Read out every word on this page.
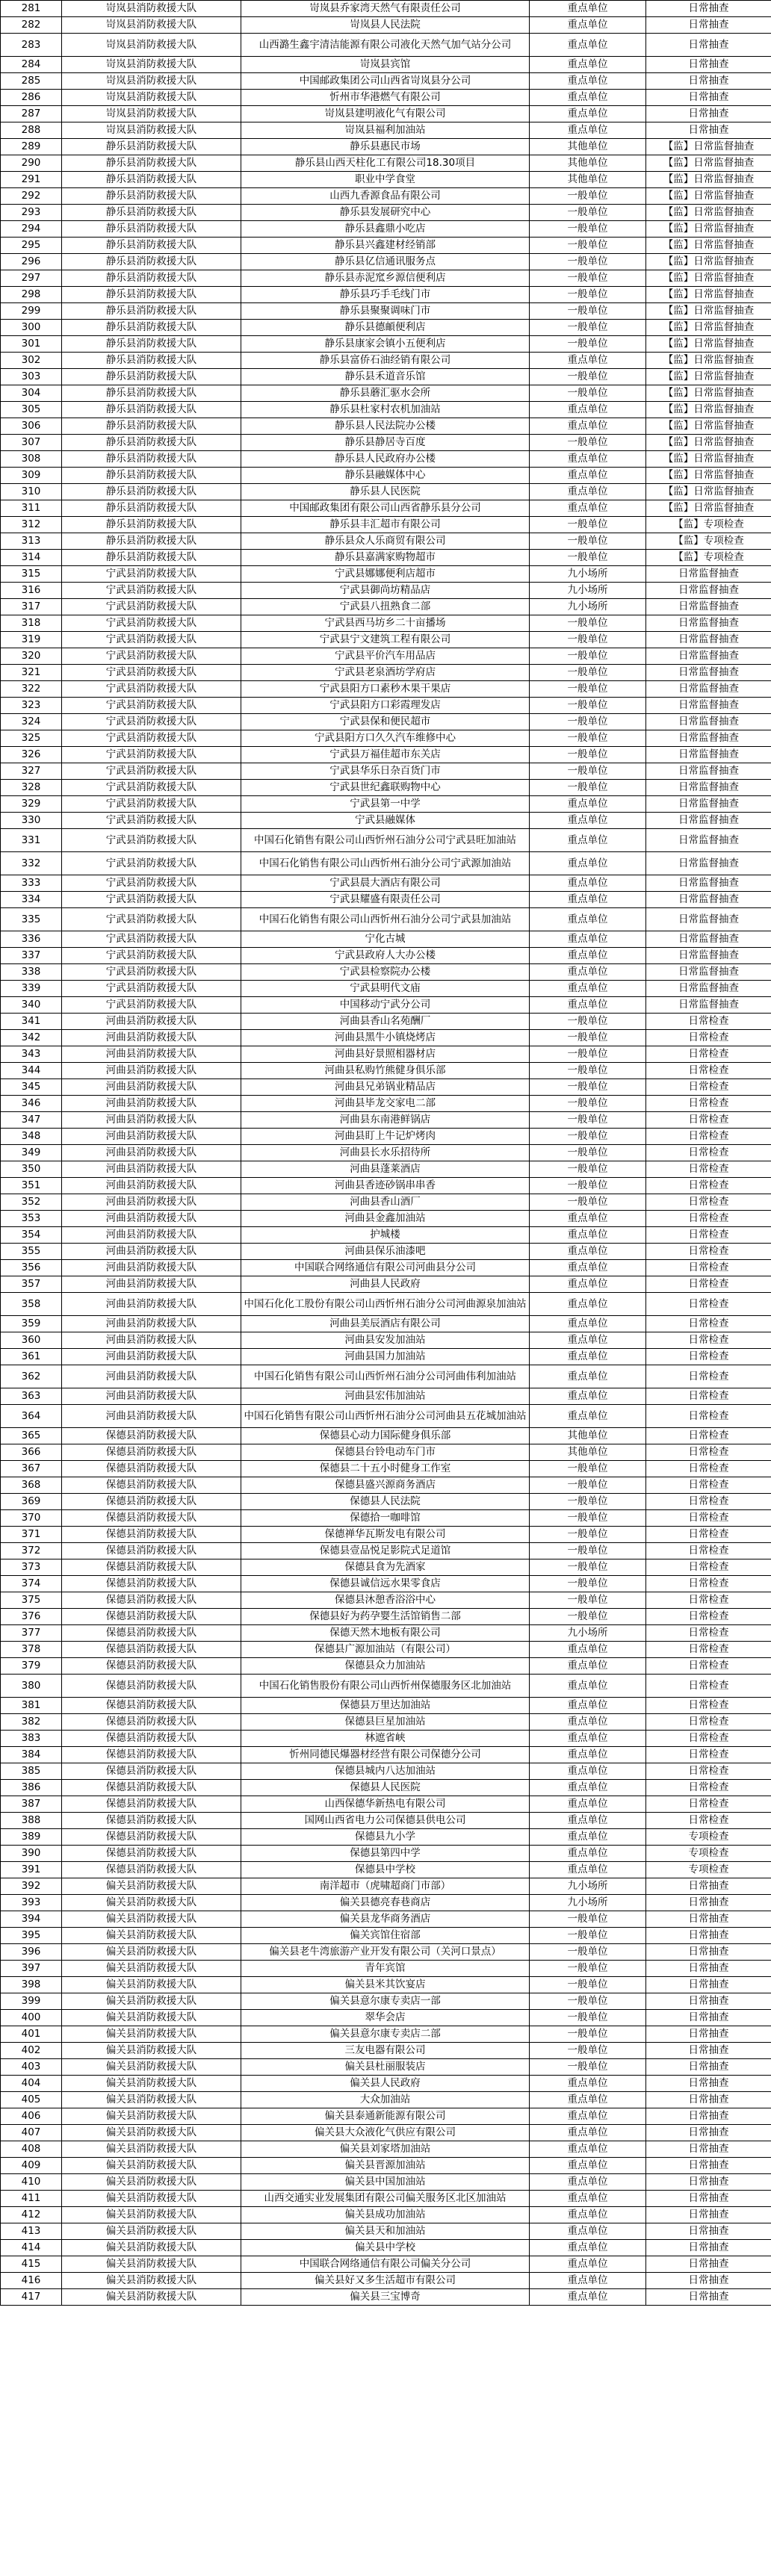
281	岢岚县消防救援大队	岢岚县乔家湾天然气有限责任公司	重点单位	日常抽查
282	岢岚县消防救援大队	岢岚县人民法院	重点单位	日常抽查
283	岢岚县消防救援大队	山西潞生鑫宇清洁能源有限公司液化天然气加气站分公司	重点单位	日常抽查
284	岢岚县消防救援大队	岢岚县宾馆	重点单位	日常抽查
285	岢岚县消防救援大队	中国邮政集团公司山西省岢岚县分公司	重点单位	日常抽查
286	岢岚县消防救援大队	忻州市华港燃气有限公司	重点单位	日常抽查
287	岢岚县消防救援大队	岢岚县建明液化气有限公司	重点单位	日常抽查
288	岢岚县消防救援大队	岢岚县福利加油站	重点单位	日常抽查
289	静乐县消防救援大队	静乐县惠民市场	其他单位	【监】日常监督抽查
290	静乐县消防救援大队	静乐县山西天柱化工有限公司18.30项目	其他单位	【监】日常监督抽查
291	静乐县消防救援大队	职业中学食堂	其他单位	【监】日常监督抽查
292	静乐县消防救援大队	山西九香源食品有限公司	一般单位	【监】日常监督抽查
293	静乐县消防救援大队	静乐县发展研究中心	一般单位	【监】日常监督抽查
294	静乐县消防救援大队	静乐县鑫鼎小吃店	一般单位	【监】日常监督抽查
295	静乐县消防救援大队	静乐县兴鑫建材经销部	一般单位	【监】日常监督抽查
296	静乐县消防救援大队	静乐县亿信通讯服务点	一般单位	【监】日常监督抽查
297	静乐县消防救援大队	静乐县赤泥窊乡源信便利店	一般单位	【监】日常监督抽查
298	静乐县消防救援大队	静乐县巧手毛线门市	一般单位	【监】日常监督抽查
299	静乐县消防救援大队	静乐县聚聚调味门市	一般单位	【监】日常监督抽查
300	静乐县消防救援大队	静乐县德頔便利店	一般单位	【监】日常监督抽查
301	静乐县消防救援大队	静乐县康家会镇小五便利店	一般单位	【监】日常监督抽查
302	静乐县消防救援大队	静乐县富侨石油经销有限公司	重点单位	【监】日常监督抽查
303	静乐县消防救援大队	静乐县禾道音乐馆	一般单位	【监】日常监督抽查
304	静乐县消防救援大队	静乐县蘑汇驱水会所	一般单位	【监】日常监督抽查
305	静乐县消防救援大队	静乐县杜家村农机加油站	重点单位	【监】日常监督抽查
306	静乐县消防救援大队	静乐县人民法院办公楼	重点单位	【监】日常监督抽查
307	静乐县消防救援大队	静乐县静居寺百度	一般单位	【监】日常监督抽查
308	静乐县消防救援大队	静乐县人民政府办公楼	重点单位	【监】日常监督抽查
309	静乐县消防救援大队	静乐县融媒体中心	重点单位	【监】日常监督抽查
310	静乐县消防救援大队	静乐县人民医院	重点单位	【监】日常监督抽查
311	静乐县消防救援大队	中国邮政集团有限公司山西省静乐县分公司	重点单位	【监】日常监督抽查
312	静乐县消防救援大队	静乐县丰汇超市有限公司	一般单位	【监】专项检查
313	静乐县消防救援大队	静乐县众人乐商贸有限公司	一般单位	【监】专项检查
314	静乐县消防救援大队	静乐县嘉满家购物超市	一般单位	【监】专项检查
315	宁武县消防救援大队	宁武县娜娜便利店超市	九小场所	日常监督抽查
316	宁武县消防救援大队	宁武县御尚坊精品店	九小场所	日常监督抽查
317	宁武县消防救援大队	宁武县八扭熟食二部	九小场所	日常监督抽查
318	宁武县消防救援大队	宁武县西马坊乡二十亩播场	一般单位	日常监督抽查
319	宁武县消防救援大队	宁武县宁文建筑工程有限公司	一般单位	日常监督抽查
320	宁武县消防救援大队	宁武县平价汽车用品店	一般单位	日常监督抽查
321	宁武县消防救援大队	宁武县老泉酒坊学府店	一般单位	日常监督抽查
322	宁武县消防救援大队	宁武县阳方口素秒木果干果店	一般单位	日常监督抽查
323	宁武县消防救援大队	宁武县阳方口彩霞理发店	一般单位	日常监督抽查
324	宁武县消防救援大队	宁武县保和便民超市	一般单位	日常监督抽查
325	宁武县消防救援大队	宁武县阳方口久久汽车维修中心	一般单位	日常监督抽查
326	宁武县消防救援大队	宁武县万福佳超市东关店	一般单位	日常监督抽查
327	宁武县消防救援大队	宁武县华乐日杂百货门市	一般单位	日常监督抽查
328	宁武县消防救援大队	宁武县世纪鑫联购物中心	一般单位	日常监督抽查
329	宁武县消防救援大队	宁武县第一中学	重点单位	日常监督抽查
330	宁武县消防救援大队	宁武县融媒体	重点单位	日常监督抽查
331	宁武县消防救援大队	中国石化销售有限公司山西忻州石油分公司宁武县旺加油站	重点单位	日常监督抽查
332	宁武县消防救援大队	中国石化销售有限公司山西忻州石油分公司宁武源加油站	重点单位	日常监督抽查
333	宁武县消防救援大队	宁武县晨大酒店有限公司	重点单位	日常监督抽查
334	宁武县消防救援大队	宁武县耀盛有限责任公司	重点单位	日常监督抽查
335	宁武县消防救援大队	中国石化销售有限公司山西忻州石油分公司宁武县加油站	重点单位	日常监督抽查
336	宁武县消防救援大队	宁化古城	重点单位	日常监督抽查
337	宁武县消防救援大队	宁武县政府人大办公楼	重点单位	日常监督抽查
338	宁武县消防救援大队	宁武县检察院办公楼	重点单位	日常监督抽查
339	宁武县消防救援大队	宁武县明代文庙	重点单位	日常监督抽查
340	宁武县消防救援大队	中国移动宁武分公司	重点单位	日常监督抽查
341	河曲县消防救援大队	河曲县香山名苑酬厂	一般单位	日常检查
342	河曲县消防救援大队	河曲县黑牛小镇烧烤店	一般单位	日常检查
343	河曲县消防救援大队	河曲县好景照相器材店	一般单位	日常检查
344	河曲县消防救援大队	河曲县私购竹熊健身俱乐部	一般单位	日常检查
345	河曲县消防救援大队	河曲县兄弟锅业精品店	一般单位	日常检查
346	河曲县消防救援大队	河曲县毕龙交家电二部	一般单位	日常检查
347	河曲县消防救援大队	河曲县东南港鲜锅店	一般单位	日常检查
348	河曲县消防救援大队	河曲县盯上牛记炉烤肉	一般单位	日常检查
349	河曲县消防救援大队	河曲县长水乐招待所	一般单位	日常检查
350	河曲县消防救援大队	河曲县蓬莱酒店	一般单位	日常检查
351	河曲县消防救援大队	河曲县香迹砂锅串串香	一般单位	日常检查
352	河曲县消防救援大队	河曲县香山酒厂	一般单位	日常检查
353	河曲县消防救援大队	河曲县金鑫加油站	重点单位	日常检查
354	河曲县消防救援大队	护城楼	重点单位	日常检查
355	河曲县消防救援大队	河曲县保乐油漆吧	重点单位	日常检查
356	河曲县消防救援大队	中国联合网络通信有限公司河曲县分公司	重点单位	日常检查
357	河曲县消防救援大队	河曲县人民政府	重点单位	日常检查
358	河曲县消防救援大队	中国石化化工股份有限公司山西忻州石油分公司河曲源泉加油站	重点单位	日常检查
359	河曲县消防救援大队	河曲县美辰酒店有限公司	重点单位	日常检查
360	河曲县消防救援大队	河曲县安发加油站	重点单位	日常检查
361	河曲县消防救援大队	河曲县国力加油站	重点单位	日常检查
362	河曲县消防救援大队	中国石化销售有限公司山西忻州石油分公司河曲伟利加油站	重点单位	日常检查
363	河曲县消防救援大队	河曲县宏伟加油站	重点单位	日常检查
364	河曲县消防救援大队	中国石化销售有限公司山西忻州石油分公司河曲县五花城加油站	重点单位	日常检查
365	保德县消防救援大队	保德县心动力国际健身俱乐部	其他单位	日常检查
366	保德县消防救援大队	保德县台铃电动车门市	其他单位	日常检查
367	保德县消防救援大队	保德县二十五小时健身工作室	一般单位	日常检查
368	保德县消防救援大队	保德县盛兴源商务酒店	一般单位	日常检查
369	保德县消防救援大队	保德县人民法院	一般单位	日常检查
370	保德县消防救援大队	保德拾一咖啡馆	一般单位	日常检查
371	保德县消防救援大队	保德禅华瓦斯发电有限公司	一般单位	日常检查
372	保德县消防救援大队	保德县壹品悦足影院式足道馆	一般单位	日常检查
373	保德县消防救援大队	保德县食为先酒家	一般单位	日常检查
374	保德县消防救援大队	保德县诚信远水果零食店	一般单位	日常检查
375	保德县消防救援大队	保德县沐憩香浴浴中心	一般单位	日常检查
376	保德县消防救援大队	保德县好为药孕婴生活馆销售二部	一般单位	日常检查
377	保德县消防救援大队	保德天然木地板有限公司	九小场所	日常检查
378	保德县消防救援大队	保德县广源加油站（有限公司）	重点单位	日常检查
379	保德县消防救援大队	保德县众力加油站	重点单位	日常检查
380	保德县消防救援大队	中国石化销售股份有限公司山西忻州保德服务区北加油站	重点单位	日常检查
381	保德县消防救援大队	保德县万里达加油站	重点单位	日常检查
382	保德县消防救援大队	保德县巨星加油站	重点单位	日常检查
383	保德县消防救援大队	林遮省峡	重点单位	日常检查
384	保德县消防救援大队	忻州同德民爆器材经营有限公司保德分公司	重点单位	日常检查
385	保德县消防救援大队	保德县城内八达加油站	重点单位	日常检查
386	保德县消防救援大队	保德县人民医院	重点单位	日常检查
387	保德县消防救援大队	山西保德华新热电有限公司	重点单位	日常检查
388	保德县消防救援大队	国网山西省电力公司保德县供电公司	重点单位	日常检查
389	保德县消防救援大队	保德县九小学	重点单位	专项检查
390	保德县消防救援大队	保德县第四中学	重点单位	专项检查
391	保德县消防救援大队	保德县中学校	重点单位	专项检查
392	偏关县消防救援大队	南洋超市（虎啸超商门市部）	九小场所	日常抽查
393	偏关县消防救援大队	偏关县德亮春巷商店	九小场所	日常抽查
394	偏关县消防救援大队	偏关县龙华商务酒店	一般单位	日常抽查
395	偏关县消防救援大队	偏关宾馆住宿部	一般单位	日常抽查
396	偏关县消防救援大队	偏关县老牛湾旅游产业开发有限公司（关河口景点）	一般单位	日常抽查
397	偏关县消防救援大队	青年宾馆	一般单位	日常抽查
398	偏关县消防救援大队	偏关县米其饮宴店	一般单位	日常抽查
399	偏关县消防救援大队	偏关县意尔康专卖店一部	一般单位	日常抽查
400	偏关县消防救援大队	翠华会店	一般单位	日常抽查
401	偏关县消防救援大队	偏关县意尔康专卖店二部	一般单位	日常抽查
402	偏关县消防救援大队	三友电器有限公司	一般单位	日常抽查
403	偏关县消防救援大队	偏关县杜丽服装店	一般单位	日常抽查
404	偏关县消防救援大队	偏关县人民政府	重点单位	日常抽查
405	偏关县消防救援大队	大众加油站	重点单位	日常抽查
406	偏关县消防救援大队	偏关县泰通新能源有限公司	重点单位	日常抽查
407	偏关县消防救援大队	偏关县大众液化气供应有限公司	重点单位	日常抽查
408	偏关县消防救援大队	偏关县刘家塔加油站	重点单位	日常抽查
409	偏关县消防救援大队	偏关县晋源加油站	重点单位	日常抽查
410	偏关县消防救援大队	偏关县中国加油站	重点单位	日常抽查
411	偏关县消防救援大队	山西交通实业发展集团有限公司偏关服务区北区加油站	重点单位	日常抽查
412	偏关县消防救援大队	偏关县成功加油站	重点单位	日常抽查
413	偏关县消防救援大队	偏关县天和加油站	重点单位	日常抽查
414	偏关县消防救援大队	偏关县中学校	重点单位	日常抽查
415	偏关县消防救援大队	中国联合网络通信有限公司偏关分公司	重点单位	日常抽查
416	偏关县消防救援大队	偏关县好又多生活超市有限公司	重点单位	日常抽查
417	偏关县消防救援大队	偏关县三宝博奇	重点单位	日常抽查
